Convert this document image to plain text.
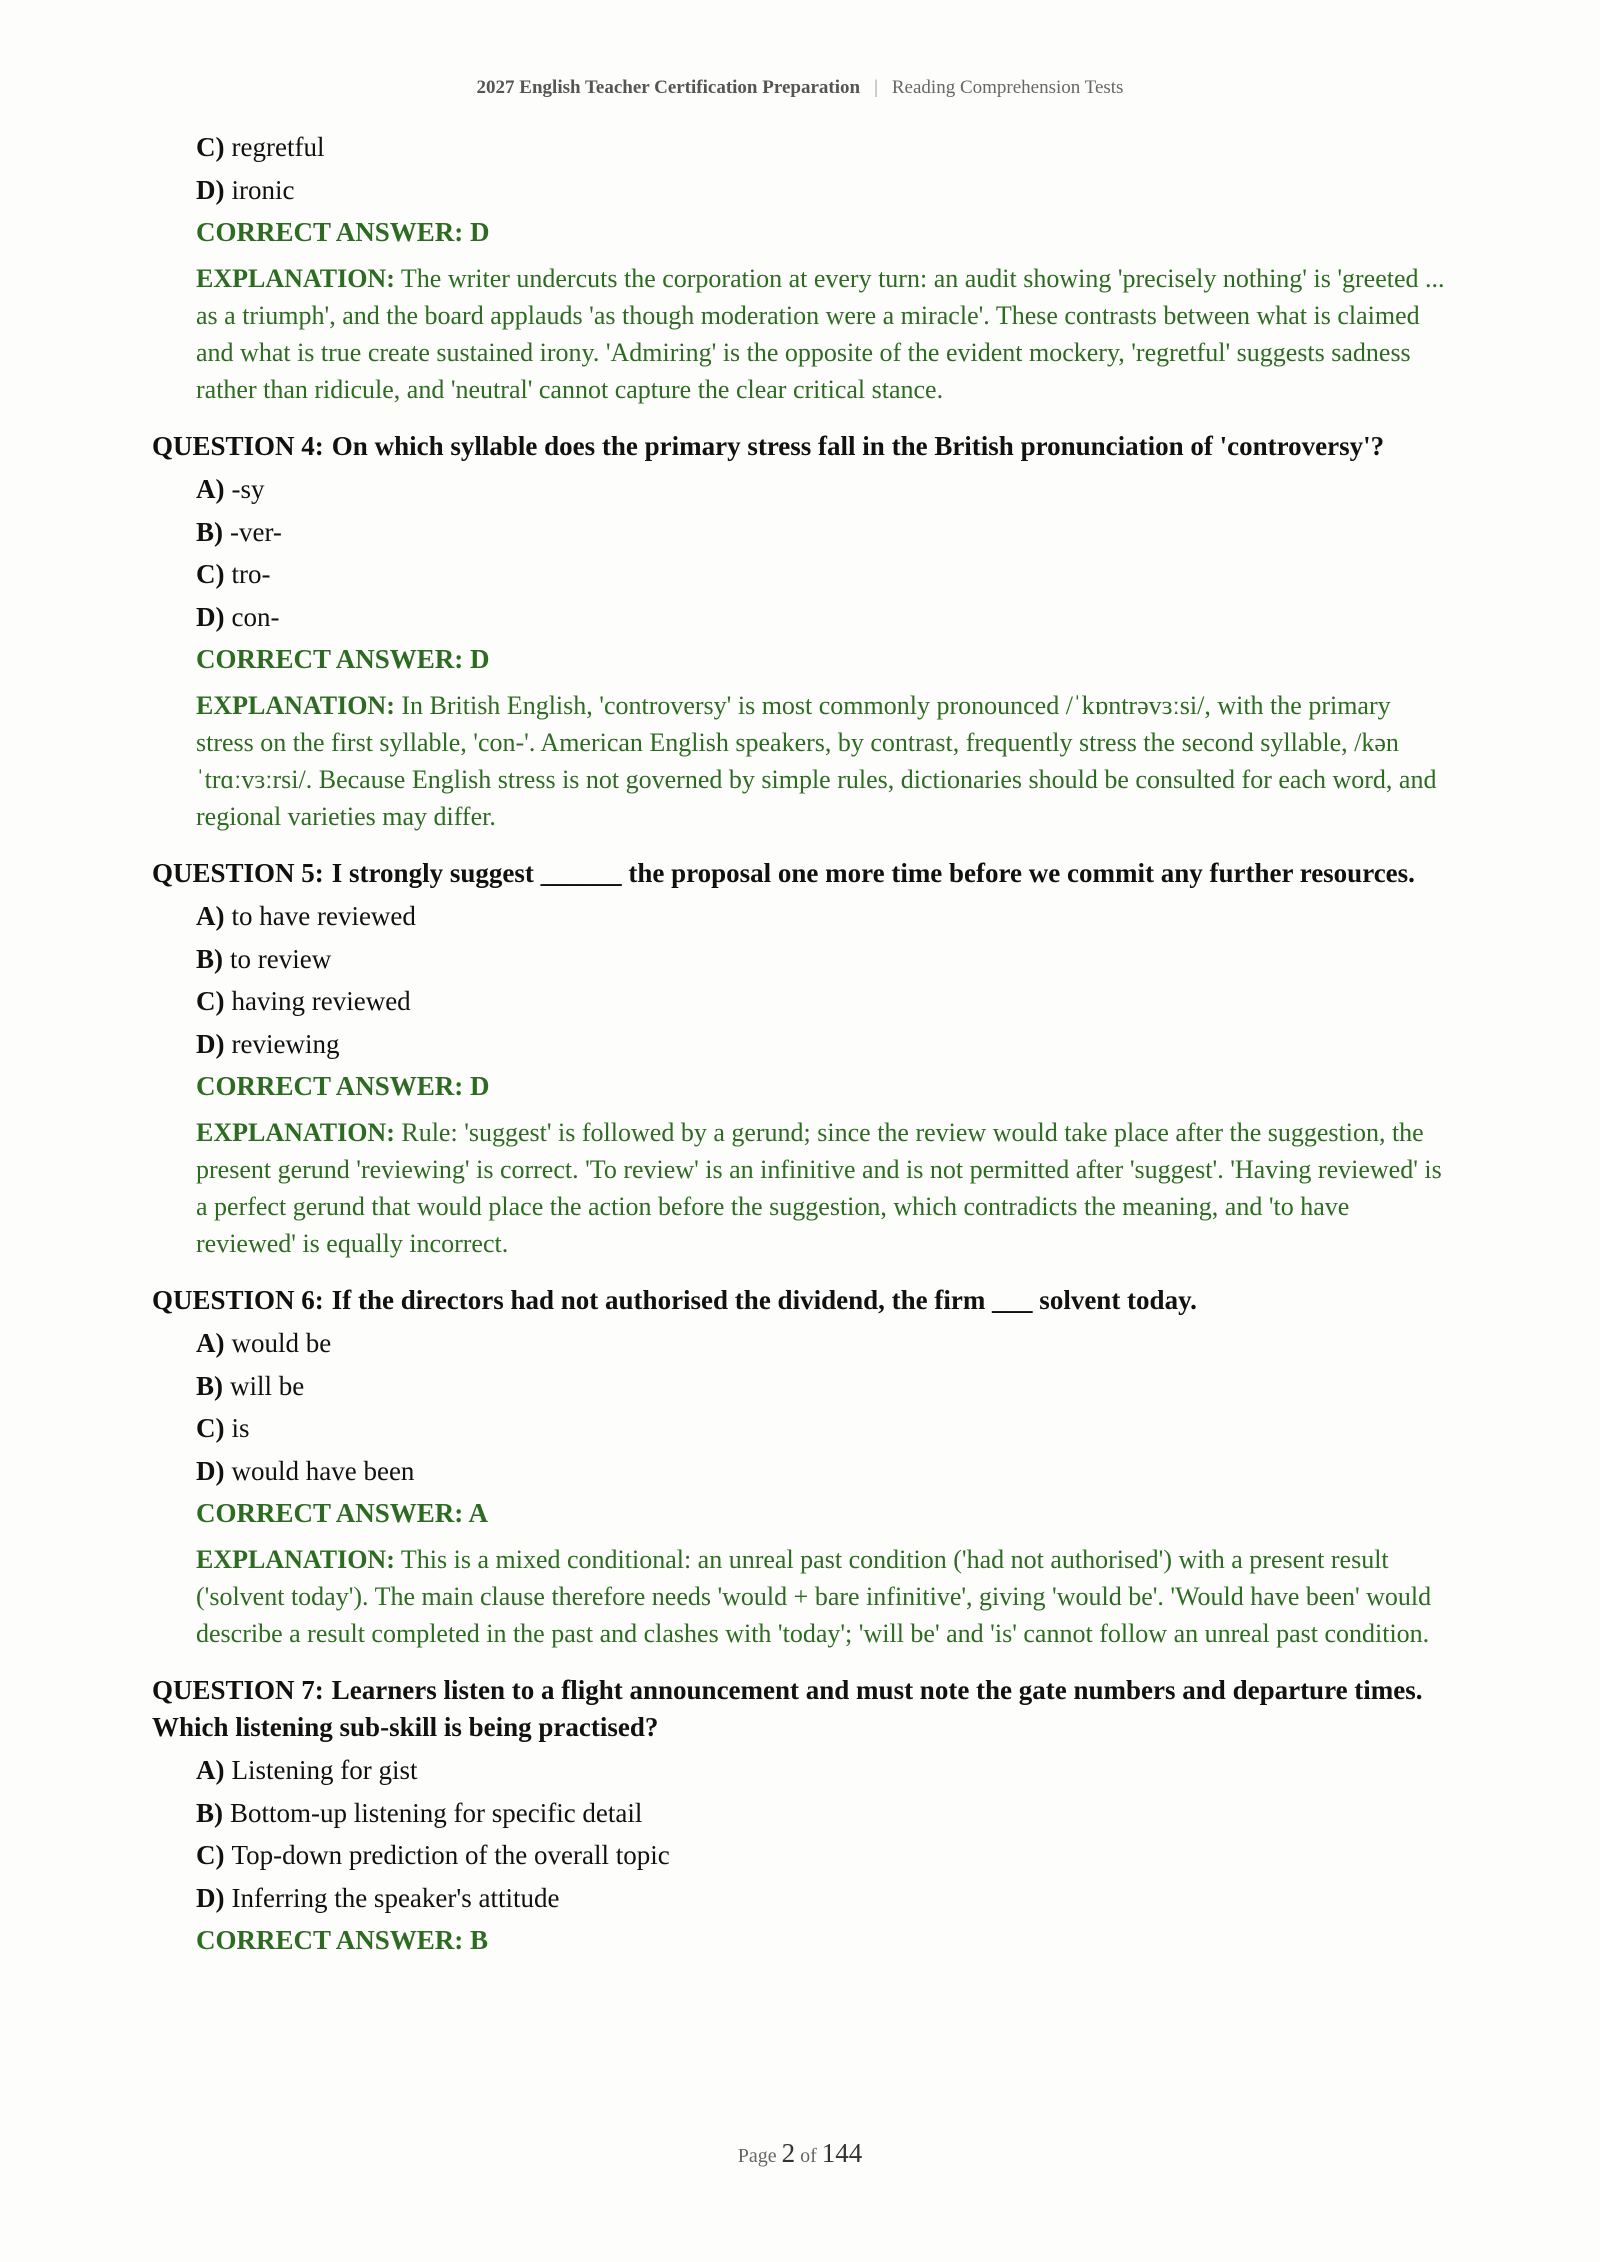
2027 English Teacher Certification Preparation | Reading Comprehension Tests
C) regretful
D) ironic
CORRECT ANSWER: D
EXPLANATION: The writer undercuts the corporation at every turn: an audit showing 'precisely nothing' is 'greeted ... as a triumph', and the board applauds 'as though moderation were a miracle'. These contrasts between what is claimed and what is true create sustained irony. 'Admiring' is the opposite of the evident mockery, 'regretful' suggests sadness rather than ridicule, and 'neutral' cannot capture the clear critical stance.
QUESTION 4: On which syllable does the primary stress fall in the British pronunciation of 'controversy'?
A) -sy
B) -ver-
C) tro-
D) con-
CORRECT ANSWER: D
EXPLANATION: In British English, 'controversy' is most commonly pronounced /ˈkɒntrəvɜːsi/, with the primary stress on the first syllable, 'con-'. American English speakers, by contrast, frequently stress the second syllable, /kənˈtrɑːvɜːrsi/. Because English stress is not governed by simple rules, dictionaries should be consulted for each word, and regional varieties may differ.
QUESTION 5: I strongly suggest ______ the proposal one more time before we commit any further resources.
A) to have reviewed
B) to review
C) having reviewed
D) reviewing
CORRECT ANSWER: D
EXPLANATION: Rule: 'suggest' is followed by a gerund; since the review would take place after the suggestion, the present gerund 'reviewing' is correct. 'To review' is an infinitive and is not permitted after 'suggest'. 'Having reviewed' is a perfect gerund that would place the action before the suggestion, which contradicts the meaning, and 'to have reviewed' is equally incorrect.
QUESTION 6: If the directors had not authorised the dividend, the firm ___ solvent today.
A) would be
B) will be
C) is
D) would have been
CORRECT ANSWER: A
EXPLANATION: This is a mixed conditional: an unreal past condition ('had not authorised') with a present result ('solvent today'). The main clause therefore needs 'would + bare infinitive', giving 'would be'. 'Would have been' would describe a result completed in the past and clashes with 'today'; 'will be' and 'is' cannot follow an unreal past condition.
QUESTION 7: Learners listen to a flight announcement and must note the gate numbers and departure times. Which listening sub-skill is being practised?
A) Listening for gist
B) Bottom-up listening for specific detail
C) Top-down prediction of the overall topic
D) Inferring the speaker's attitude
CORRECT ANSWER: B
Page 2 of 144
